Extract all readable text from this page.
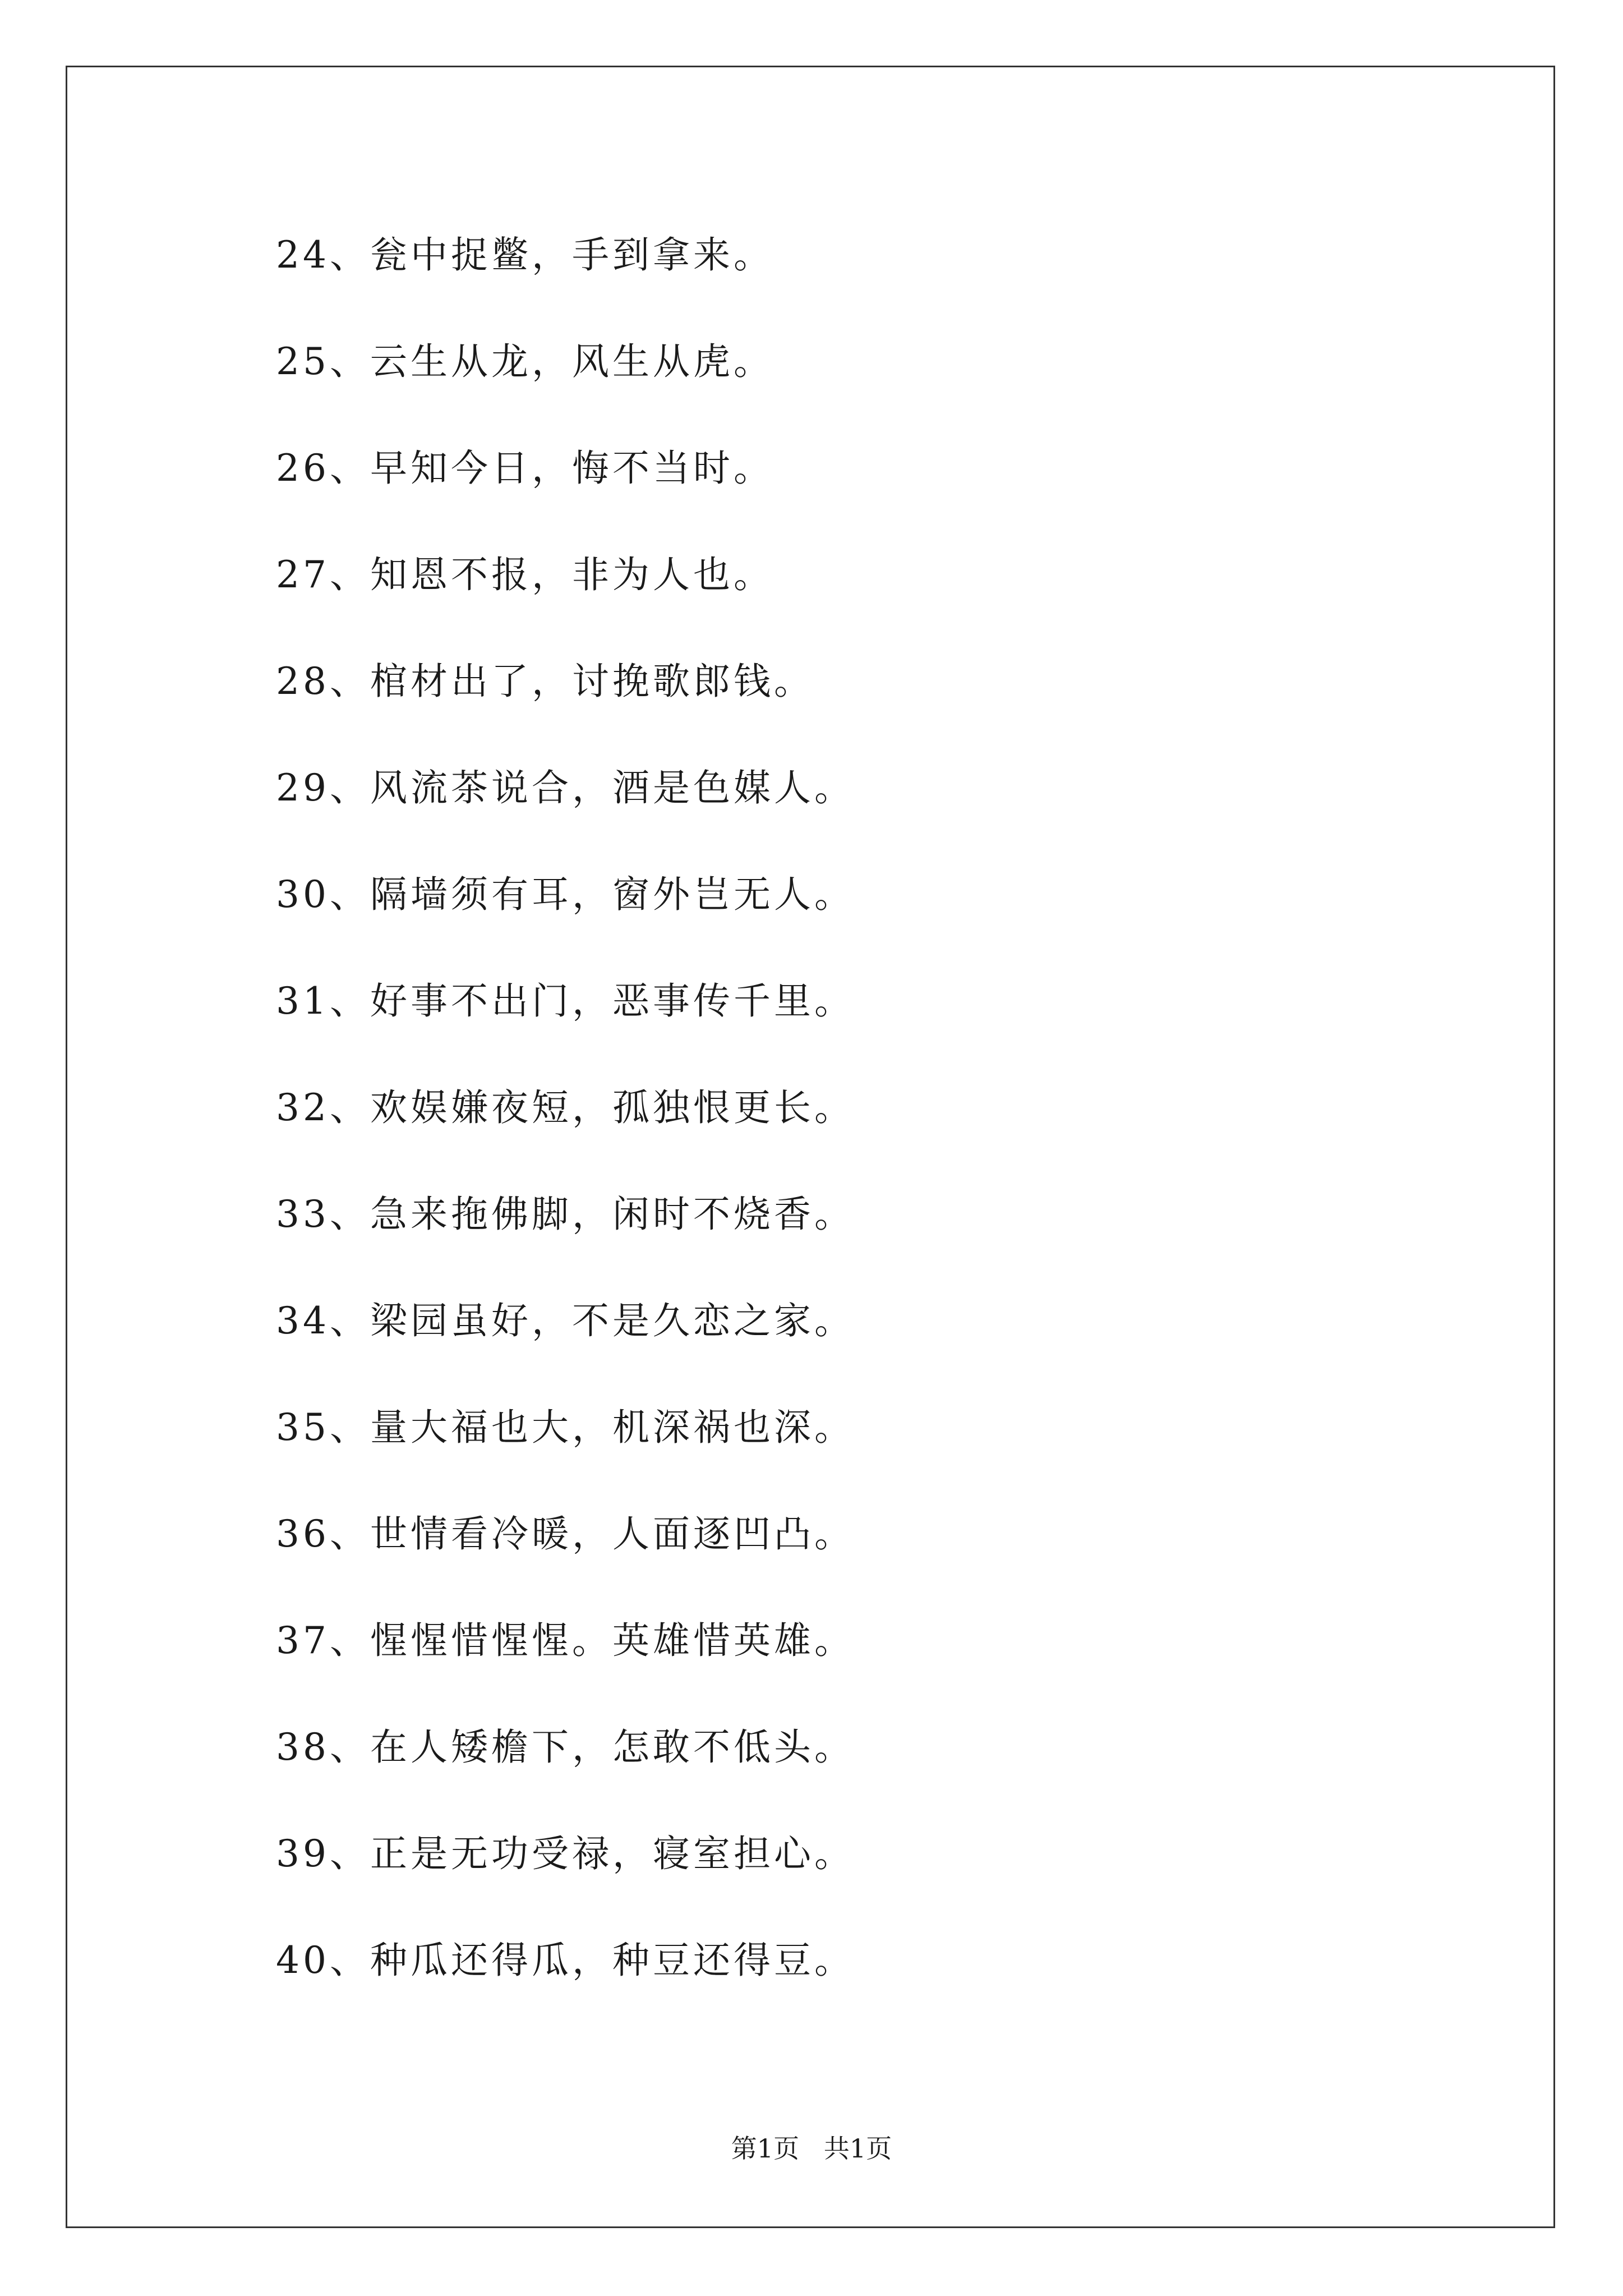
24、瓮中捉鳖，手到拿来。
25、云生从龙，风生从虎。
26、早知今日，悔不当时。
27、知恩不报，非为人也。
28、棺材出了，讨挽歌郎钱。
29、风流茶说合，酒是色媒人。
30、隔墙须有耳，窗外岂无人。
31、好事不出门，恶事传千里。
32、欢娱嫌夜短，孤独恨更长。
33、急来拖佛脚，闲时不烧香。
34、梁园虽好，不是久恋之家。
35、量大福也大，机深祸也深。
36、世情看冷暖，人面逐凹凸。
37、惺惺惜惺惺。英雄惜英雄。
38、在人矮檐下，怎敢不低头。
39、正是无功受禄，寝室担心。
40、种瓜还得瓜，种豆还得豆。
第1页   共1页
